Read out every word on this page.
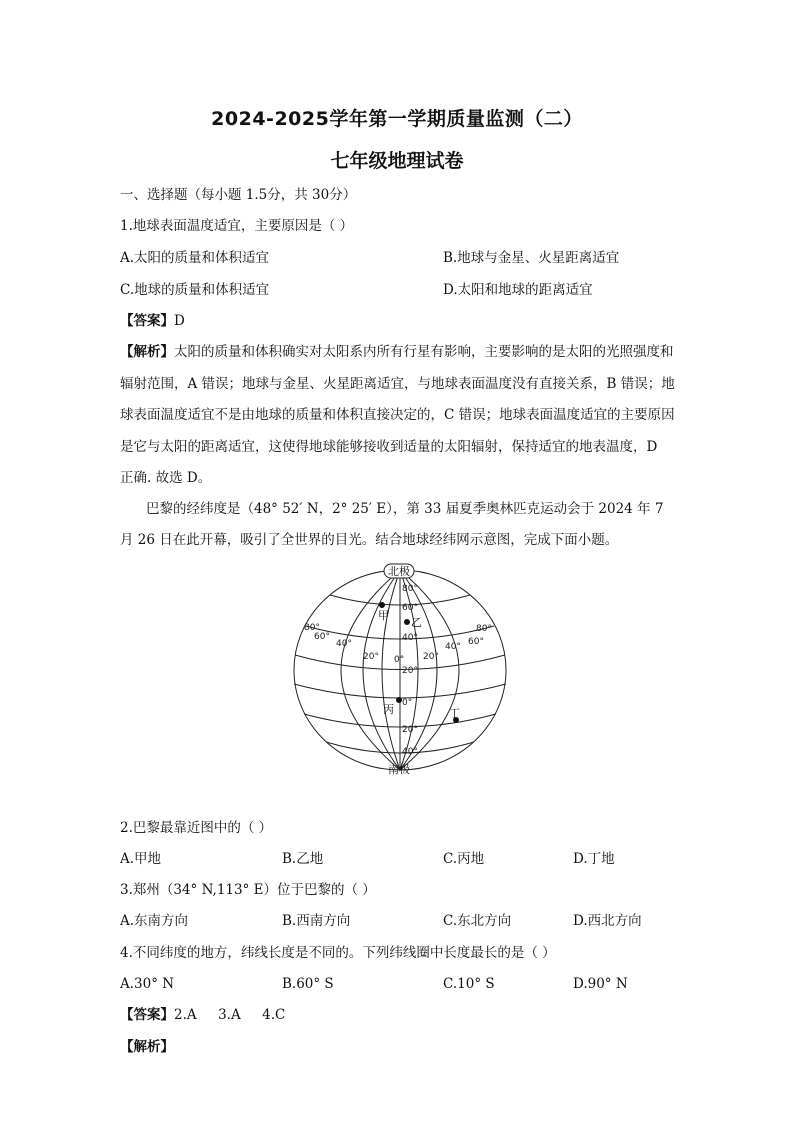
2024-2025学年第一学期质量监测（二）
七年级地理试卷
一、选择题（每小题 1.5分，共 30分）
1.地球表面温度适宜，主要原因是（ ）
A.太阳的质量和体积适宜	B.地球与金星、火星距离适宜
C.地球的质量和体积适宜	D.太阳和地球的距离适宜
【答案】D
【解析】太阳的质量和体积确实对太阳系内所有行星有影响，主要影响的是太阳的光照强度和辐射范围，A 错误；地球与金星、火星距离适宜，与地球表面温度没有直接关系，B 错误；地球表面温度适宜不是由地球的质量和体积直接决定的，C 错误；地球表面温度适宜的主要原因是它与太阳的距离适宜，这使得地球能够接收到适量的太阳辐射，保持适宜的地表温度，D 正确. 故选 D。
巴黎的经纬度是（48° 52′ N，2° 25′ E），第 33 届夏季奥林匹克运动会于 2024 年 7
月 26 日在此开幕，吸引了全世界的目光。结合地球经纬网示意图，完成下面小题。
北极
南极
80°
60°
40°
20°
0°
20°
40°
80°
60°
40°
20° 0° 20°
40° 60°
80°
甲
乙
丙	丁
2.巴黎最靠近图中的（ ）
A.甲地	B.乙地	C.丙地	D.丁地
3.郑州（34° N,113° E）位于巴黎的（ ）
A.东南方向	B.西南方向	C.东北方向	D.西北方向
4.不同纬度的地方，纬线长度是不同的。下列纬线圈中长度最长的是（ ）
A.30° N	B.60° S	C.10° S	D.90° N
【答案】2.A     3.A     4.C
【解析】
